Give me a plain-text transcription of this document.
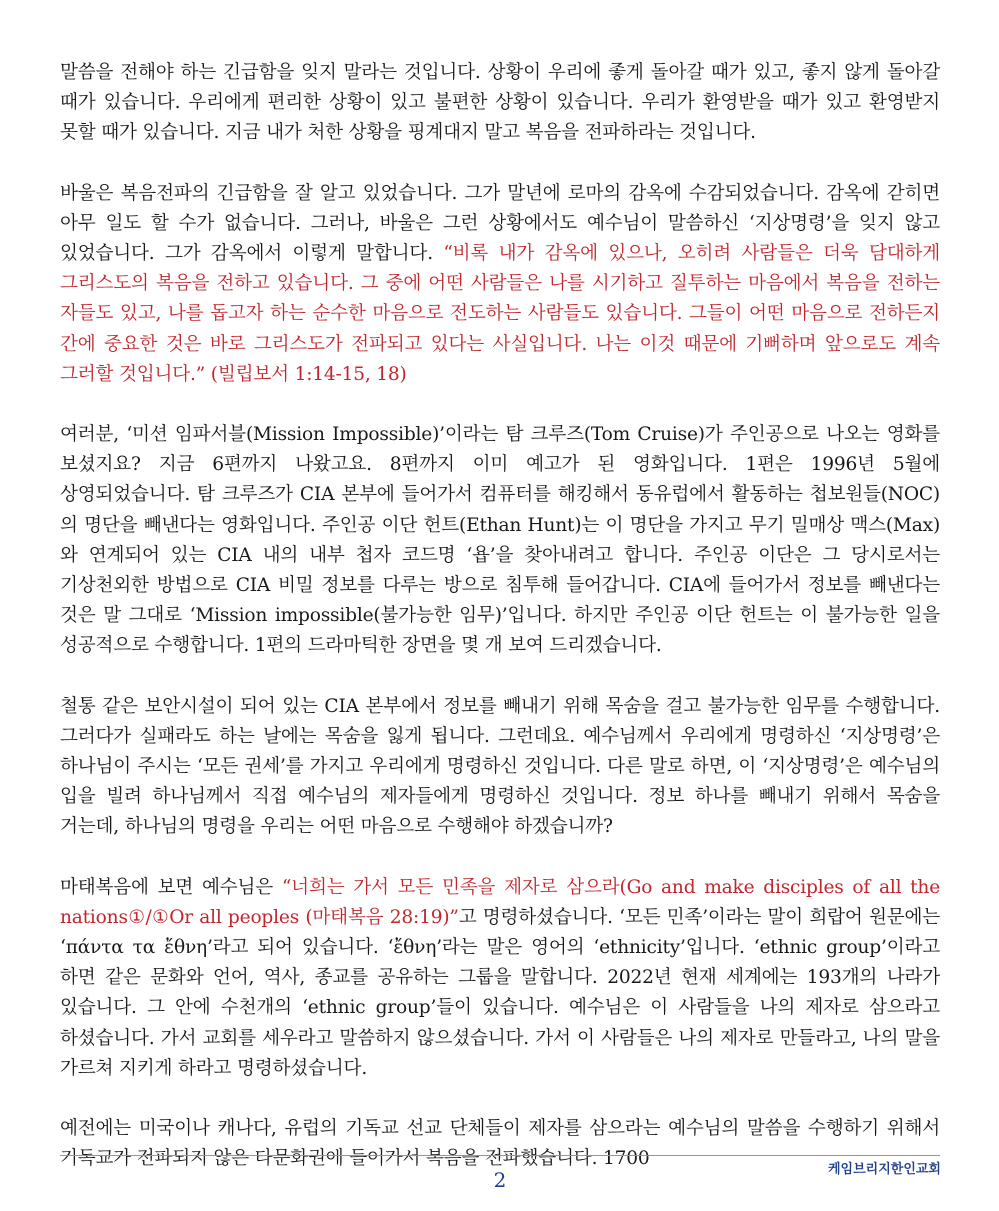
말씀을 전해야 하는 긴급함을 잊지 말라는 것입니다. 상황이 우리에 좋게 돌아갈 때가 있고, 좋지 않게 돌아갈 때가 있습니다. 우리에게 편리한 상황이 있고 불편한 상황이 있습니다. 우리가 환영받을 때가 있고 환영받지 못할 때가 있습니다. 지금 내가 처한 상황을 핑계대지 말고 복음을 전파하라는 것입니다.

바울은 복음전파의 긴급함을 잘 알고 있었습니다. 그가 말년에 로마의 감옥에 수감되었습니다. 감옥에 갇히면 아무 일도 할 수가 없습니다. 그러나, 바울은 그런 상황에서도 예수님이 말씀하신 ‘지상명령’을 잊지 않고 있었습니다. 그가 감옥에서 이렇게 말합니다. “비록 내가 감옥에 있으나, 오히려 사람들은 더욱 담대하게 그리스도의 복음을 전하고 있습니다. 그 중에 어떤 사람들은 나를 시기하고 질투하는 마음에서 복음을 전하는 자들도 있고, 나를 돕고자 하는 순수한 마음으로 전도하는 사람들도 있습니다. 그들이 어떤 마음으로 전하든지 간에 중요한 것은 바로 그리스도가 전파되고 있다는 사실입니다. 나는 이것 때문에 기뻐하며 앞으로도 계속 그러할 것입니다.” (빌립보서 1:14-15, 18)

여러분, ‘미션 임파서블(Mission Impossible)’이라는 탐 크루즈(Tom Cruise)가 주인공으로 나오는 영화를 보셨지요? 지금 6편까지 나왔고요. 8편까지 이미 예고가 된 영화입니다. 1편은 1996년 5월에 상영되었습니다. 탐 크루즈가 CIA 본부에 들어가서 컴퓨터를 해킹해서 동유럽에서 활동하는 첩보원들(NOC)의 명단을 빼낸다는 영화입니다. 주인공 이단 헌트(Ethan Hunt)는 이 명단을 가지고 무기 밀매상 맥스(Max)와 연계되어 있는 CIA 내의 내부 첩자 코드명 ‘욥’을 찾아내려고 합니다. 주인공 이단은 그 당시로서는 기상천외한 방법으로 CIA 비밀 정보를 다루는 방으로 침투해 들어갑니다. CIA에 들어가서 정보를 빼낸다는 것은 말 그대로 ‘Mission impossible(불가능한 임무)’입니다. 하지만 주인공 이단 헌트는 이 불가능한 일을 성공적으로 수행합니다. 1편의 드라마틱한 장면을 몇 개 보여 드리겠습니다.

철통 같은 보안시설이 되어 있는 CIA 본부에서 정보를 빼내기 위해 목숨을 걸고 불가능한 임무를 수행합니다. 그러다가 실패라도 하는 날에는 목숨을 잃게 됩니다. 그런데요. 예수님께서 우리에게 명령하신 ‘지상명령’은 하나님이 주시는 ‘모든 권세’를 가지고 우리에게 명령하신 것입니다. 다른 말로 하면, 이 ‘지상명령’은 예수님의 입을 빌려 하나님께서 직접 예수님의 제자들에게 명령하신 것입니다. 정보 하나를 빼내기 위해서 목숨을 거는데, 하나님의 명령을 우리는 어떤 마음으로 수행해야 하겠습니까?

마태복음에 보면 예수님은 “너희는 가서 모든 민족을 제자로 삼으라(Go and make disciples of all the nations①/①Or all peoples (마태복음 28:19)”고 명령하셨습니다. ‘모든 민족’이라는 말이 희랍어 원문에는 ‘πάντα τα ἔθνη’라고 되어 있습니다. ‘ἔθνη’라는 말은 영어의 ‘ethnicity’입니다. ‘ethnic group’이라고 하면 같은 문화와 언어, 역사, 종교를 공유하는 그룹을 말합니다. 2022년 현재 세계에는 193개의 나라가 있습니다. 그 안에 수천개의 ‘ethnic group’들이 있습니다. 예수님은 이 사람들을 나의 제자로 삼으라고 하셨습니다. 가서 교회를 세우라고 말씀하지 않으셨습니다. 가서 이 사람들은 나의 제자로 만들라고, 나의 말을 가르쳐 지키게 하라고 명령하셨습니다.

예전에는 미국이나 캐나다, 유럽의 기독교 선교 단체들이 제자를 삼으라는 예수님의 말씀을 수행하기 위해서 기독교가 전파되지 않은 타문화권에 들어가서 복음을 전파했습니다. 1700

2	케임브리지한인교회
